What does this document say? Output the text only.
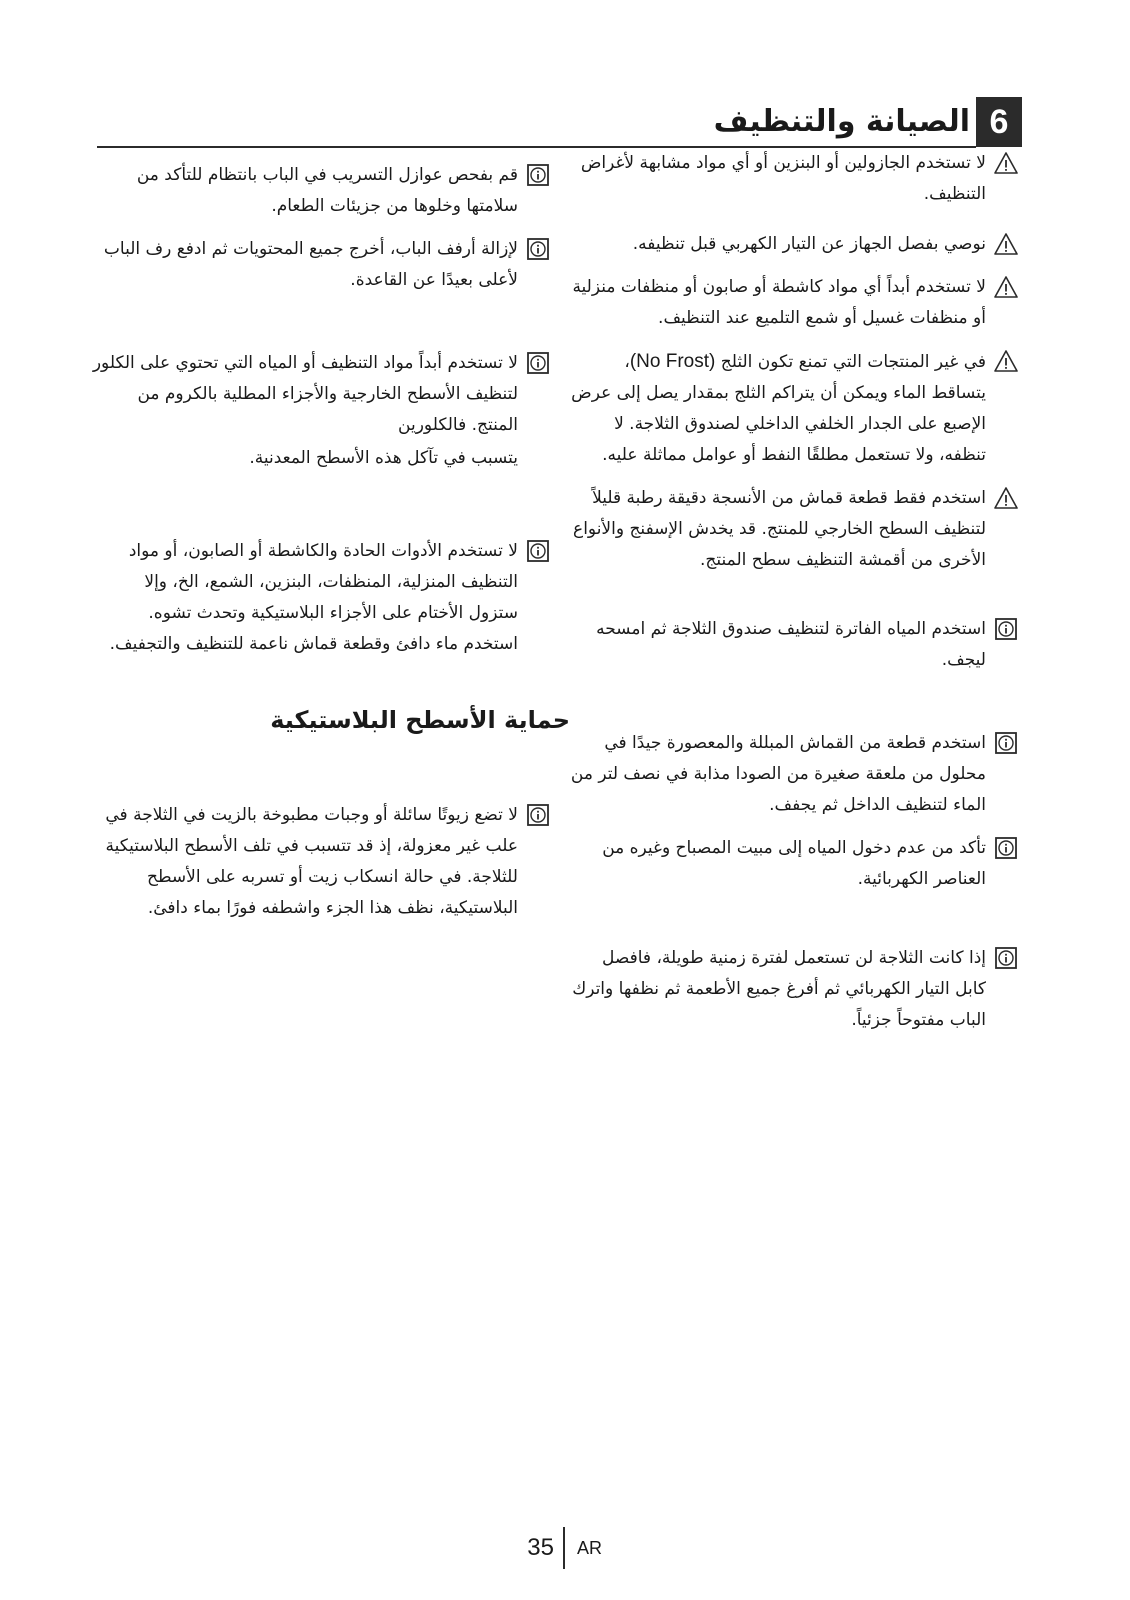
6
الصيانة والتنظيف
لا تستخدم الجازولين أو البنزين أو أي مواد مشابهة لأغراض التنظيف.
نوصي بفصل الجهاز عن التيار الكهربي قبل تنظيفه.
لا تستخدم أبداً أي مواد كاشطة أو صابون أو منظفات منزلية أو منظفات غسيل أو شمع التلميع عند التنظيف.
في غير المنتجات التي تمنع تكون الثلج (No Frost)، يتساقط الماء ويمكن أن يتراكم الثلج بمقدار يصل إلى عرض الإصبع على الجدار الخلفي الداخلي لصندوق الثلاجة. لا تنظفه، ولا تستعمل مطلقًا النفط أو عوامل مماثلة عليه.
استخدم فقط قطعة قماش من الأنسجة دقيقة رطبة قليلاً لتنظيف السطح الخارجي للمنتج. قد يخدش الإسفنج والأنواع الأخرى من أقمشة التنظيف سطح المنتج.
استخدم المياه الفاترة لتنظيف صندوق الثلاجة ثم امسحه ليجف.
استخدم قطعة من القماش المبللة والمعصورة جيدًا في محلول من ملعقة صغيرة من الصودا مذابة في نصف لتر من الماء لتنظيف الداخل ثم يجفف.
تأكد من عدم دخول المياه إلى مبيت المصباح وغيره من العناصر الكهربائية.
إذا كانت الثلاجة لن تستعمل لفترة زمنية طويلة، فافصل كابل التيار الكهربائي ثم أفرغ جميع الأطعمة ثم نظفها واترك الباب مفتوحاً جزئياً.
قم بفحص عوازل التسريب في الباب بانتظام للتأكد من سلامتها وخلوها من جزيئات الطعام.
لإزالة أرفف الباب، أخرج جميع المحتويات ثم ادفع رف الباب لأعلى بعيدًا عن القاعدة.
لا تستخدم أبداً مواد التنظيف أو المياه التي تحتوي على الكلور لتنظيف الأسطح الخارجية والأجزاء المطلية بالكروم من المنتج. فالكلورين
يتسبب في تآكل هذه الأسطح المعدنية.
لا تستخدم الأدوات الحادة والكاشطة أو الصابون، أو مواد التنظيف المنزلية، المنظفات، البنزين، الشمع، الخ، وإلا ستزول الأختام على الأجزاء البلاستيكية وتحدث تشوه. استخدم ماء دافئ وقطعة قماش ناعمة للتنظيف والتجفيف.
حماية الأسطح البلاستيكية
لا تضع زيوتًا سائلة أو وجبات مطبوخة بالزيت في الثلاجة في علب غير معزولة، إذ قد تتسبب في تلف الأسطح البلاستيكية للثلاجة. في حالة انسكاب زيت أو تسربه على الأسطح البلاستيكية، نظف هذا الجزء واشطفه فورًا بماء دافئ.
35 AR
